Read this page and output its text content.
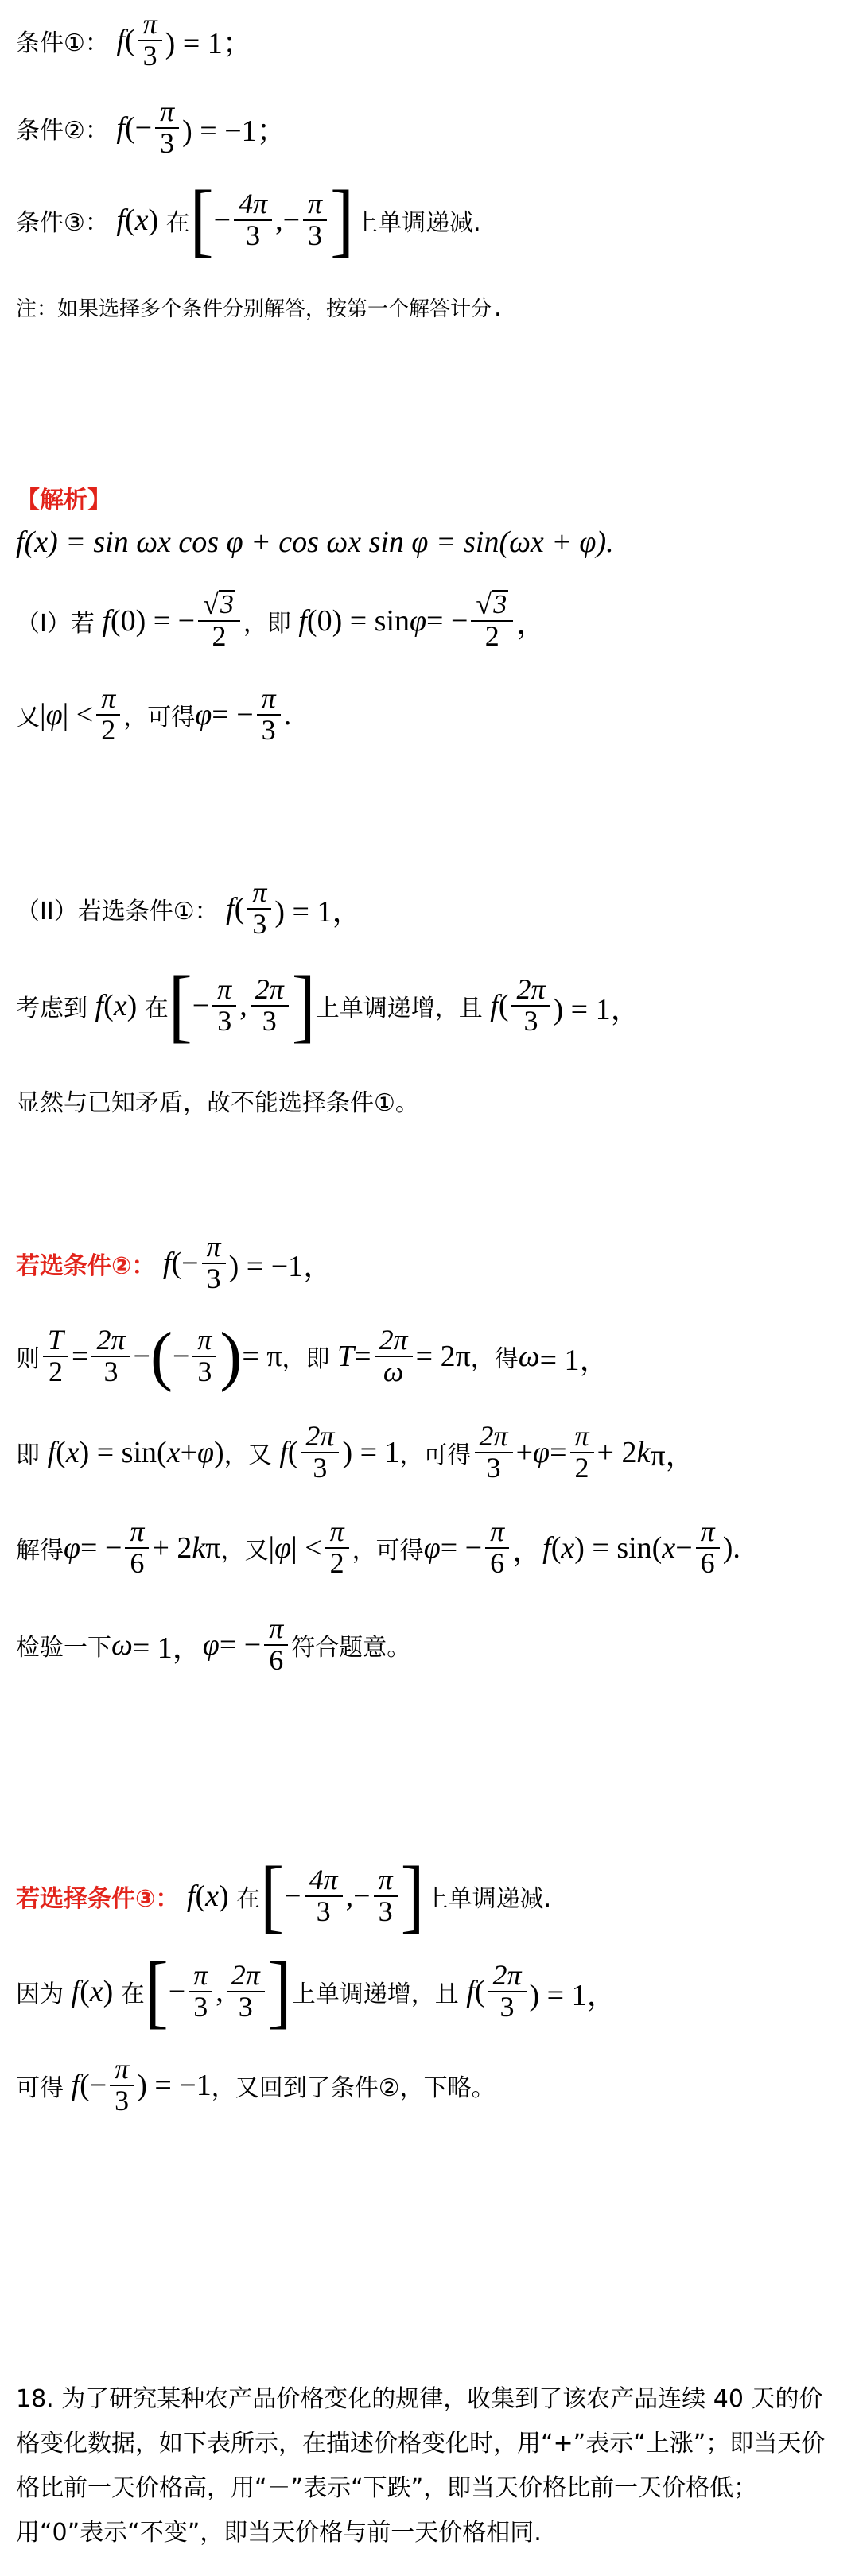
条件①： f ( $\frac{\pi}{3}$ ) = 1；
条件②： f (− $\frac{\pi}{3}$ ) = −1；
条件③： f ( x ) 在 [ − $\frac{4\pi}{3}$ ,− $\frac{\pi}{3}$ ] 上单调递减.
注：如果选择多个条件分别解答，按第一个解答计分.
【解析】
f(x) = sin ωx cos φ + cos ωx sin φ = sin(ωx + φ).
（I）若 f (0) = − $\frac{√ 3}{2}$ ，即 f (0) = sin φ = − $\frac{√ 3}{2}$ ，
又 | φ | < $\frac{\pi}{2}$ ，可得 φ = − $\frac{\pi}{3}$ .
（II）若选条件①： f ( $\frac{\pi}{3}$ ) = 1，
考虑到 f ( x ) 在 [ − $\frac{\pi}{3}$ , $\frac{2\pi}{3}$ ] 上单调递增，且 f ( $\frac{2\pi}{3}$ ) = 1，
显然与已知矛盾，故不能选择条件①。
若选条件②： f (− $\frac{\pi}{3}$ ) = −1，
则 $\frac{T}{2} = \frac{2\pi}{3}$ − ( − $\frac{\pi}{3}$ ) = π ，即 $T = \frac{2\pi}{\omega} = 2\pi$ ，得 ω = 1，
即 f ( x ) = sin( x + φ ) ，又 f ( $\frac{2\pi}{3}$ ) = 1 ，可得 $\frac{2\pi}{3} + \varphi = \frac{\pi}{2} + 2$ k π，
解得 φ = − $\frac{\pi}{6} + 2$ k π ，又 | φ | < $\frac{\pi}{2}$ ，可得 φ = − $\frac{\pi}{6}$ ， f ( x ) = sin( $x - \frac{\pi}{6}$ ).
检验一下 ω = 1， φ = − $\frac{\pi}{6}$ 符合题意。
若选择条件③： f ( x ) 在 [ − $\frac{4\pi}{3}$ ,− $\frac{\pi}{3}$ ] 上单调递减.
因为 f ( x ) 在 [ − $\frac{\pi}{3}$ , $\frac{2\pi}{3}$ ] 上单调递增，且 f ( $\frac{2\pi}{3}$ ) = 1，
可得 f (− $\frac{\pi}{3}$ ) = −1 ，又回到了条件②，下略。
18. 为了研究某种农产品价格变化的规律，收集到了该农产品连续 40 天的价格变化数据，如下表所示，在描述价格变化时，用“+”表示“上涨”；即当天价格比前一天价格高，用“－”表示“下跌”，即当天价格比前一天价格低；用“0”表示“不变”，即当天价格与前一天价格相同.
